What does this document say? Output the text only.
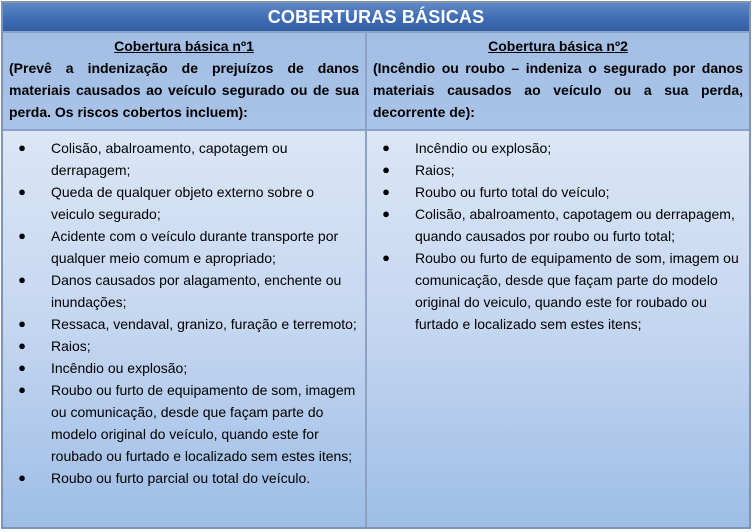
COBERTURAS BÁSICAS
Cobertura básica nº1
(Prevê a indenização de prejuízos de danos materiais causados ao veículo segurado ou de sua perda. Os riscos cobertos incluem):
● Colisão, abalroamento, capotagem ou derrapagem;
● Queda de qualquer objeto externo sobre o veiculo segurado;
● Acidente com o veículo durante transporte por qualquer meio comum e apropriado;
● Danos causados por alagamento, enchente ou inundações;
● Ressaca, vendaval, granizo, furação e terremoto;
● Raios;
● Incêndio ou explosão;
● Roubo ou furto de equipamento de som, imagem ou comunicação, desde que façam parte do modelo original do veículo, quando este for roubado ou furtado e localizado sem estes itens;
● Roubo ou furto parcial ou total do veículo.
Cobertura básica nº2
(Incêndio ou roubo – indeniza o segurado por danos materiais causados ao veículo ou a sua perda, decorrente de):
● Incêndio ou explosão;
● Raios;
● Roubo ou furto total do veículo;
● Colisão, abalroamento, capotagem ou derrapagem, quando causados por roubo ou furto total;
● Roubo ou furto de equipamento de som, imagem ou comunicação, desde que façam parte do modelo original do veiculo, quando este for roubado ou furtado e localizado sem estes itens;
